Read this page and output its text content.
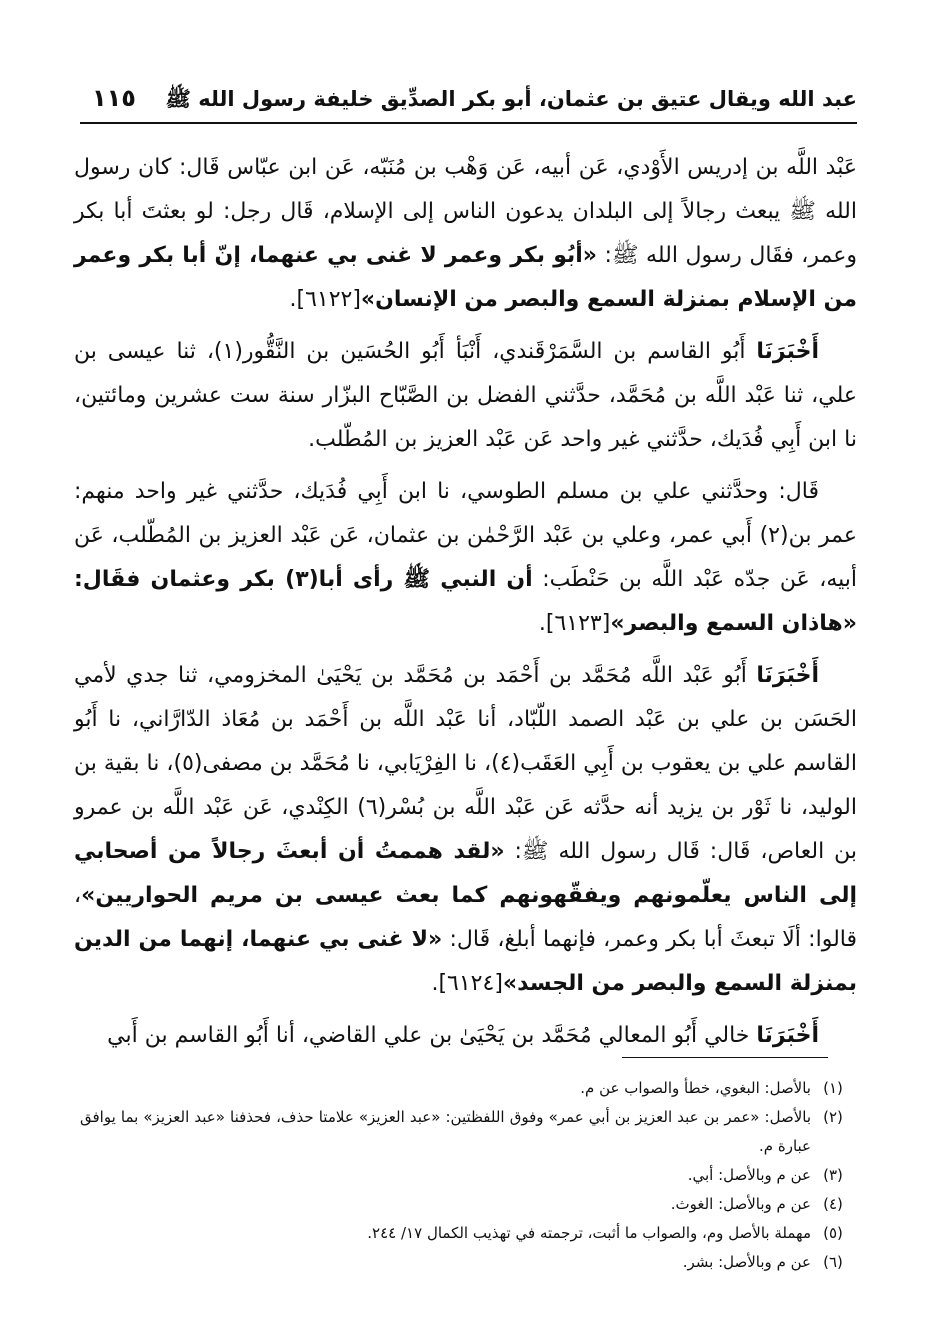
عبد الله ويقال عتيق بن عثمان، أبو بكر الصدِّيق خليفة رسول الله ﷺ
١١٥

عَبْد اللَّه بن إدريس الأَوْدي، عَن أبيه، عَن وَهْب بن مُنَبّه، عَن ابن عبّاس قَال: كان رسول الله ﷺ يبعث رجالاً إلى البلدان يدعون الناس إلى الإسلام، قَال رجل: لو بعثتَ أبا بكر وعمر، فقَال رسول الله ﷺ: «أبُو بكر وعمر لا غنى بي عنهما، إنّ أبا بكر وعمر من الإسلام بمنزلة السمع والبصر من الإنسان»[٦١٢٢].

أَخْبَرَنَا أَبُو القاسم بن السَّمَرْقَندي، أَنْبَأ أَبُو الحُسَين بن النَّقُّور(١)، ثنا عيسى بن علي، ثنا عَبْد اللَّه بن مُحَمَّد، حدَّثني الفضل بن الصَّبّاح البزّار سنة ست عشرين ومائتين، نا ابن أَبِي فُدَيك، حدَّثني غير واحد عَن عَبْد العزيز بن المُطّلب.

قَال: وحدَّثني علي بن مسلم الطوسي، نا ابن أَبِي فُدَيك، حدَّثني غير واحد منهم: عمر بن(٢) أَبي عمر، وعلي بن عَبْد الرَّحْمٰن بن عثمان، عَن عَبْد العزيز بن المُطّلب، عَن أبيه، عَن جدّه عَبْد اللَّه بن حَنْطَب: أن النبي ﷺ رأى أبا(٣) بكر وعثمان فقَال: «هاذان السمع والبصر»[٦١٢٣].

أَخْبَرَنَا أَبُو عَبْد اللَّه مُحَمَّد بن أَحْمَد بن مُحَمَّد بن يَحْيَىٰ المخزومي، ثنا جدي لأمي الحَسَن بن علي بن عَبْد الصمد اللّبّاد، أنا عَبْد اللَّه بن أَحْمَد بن مُعَاذ الدّارَّاني، نا أَبُو القاسم علي بن يعقوب بن أَبِي العَقَب(٤)، نا الفِرْيَابي، نا مُحَمَّد بن مصفى(٥)، نا بقية بن الوليد، نا ثَوْر بن يزيد أنه حدَّثه عَن عَبْد اللَّه بن بُسْر(٦) الكِنْدي، عَن عَبْد اللَّه بن عمرو بن العاص، قَال: قَال رسول الله ﷺ: «لقد هممتُ أن أبعثَ رجالاً من أصحابي إلى الناس يعلّمونهم ويفقّهونهم كما بعث عيسى بن مريم الحواريين»، قالوا: ألَا تبعثَ أبا بكر وعمر، فإنهما أبلغ، قَال: «لا غنى بي عنهما، إنهما من الدين بمنزلة السمع والبصر من الجسد»[٦١٢٤].

أَخْبَرَنَا خالي أَبُو المعالي مُحَمَّد بن يَحْيَىٰ بن علي القاضي، أنا أَبُو القاسم بن أَبي

(١)
بالأصل: البغوي، خطأ والصواب عن م.
(٢)
بالأصل: «عمر بن عبد العزيز بن أبي عمر» وفوق اللفظتين: «عبد العزيز» علامتا حذف، فحذفنا «عبد العزيز» بما يوافق عبارة م.
(٣)
عن م وبالأصل: أبي.
(٤)
عن م وبالأصل: الغوث.
(٥)
مهملة بالأصل وم، والصواب ما أثبت، ترجمته في تهذيب الكمال ١٧/ ٢٤٤.
(٦)
عن م وبالأصل: بشر.
